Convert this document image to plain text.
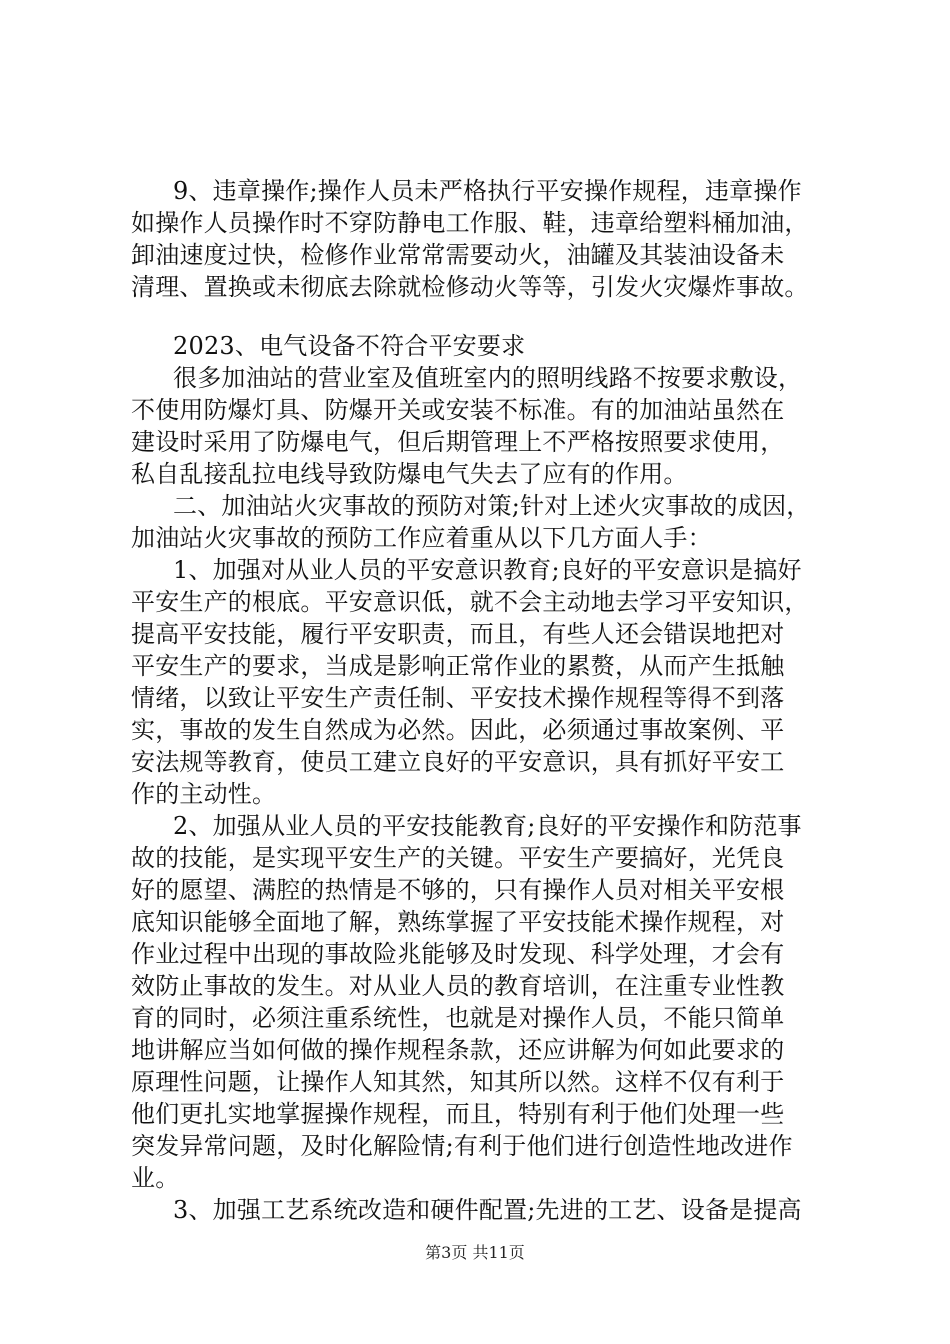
9、违章操作;操作人员未严格执行平安操作规程，违章操作
如操作人员操作时不穿防静电工作服、鞋，违章给塑料桶加油，
卸油速度过快，检修作业常常需要动火，油罐及其装油设备未
清理、置换或未彻底去除就检修动火等等，引发火灾爆炸事故。
2023、电气设备不符合平安要求
很多加油站的营业室及值班室内的照明线路不按要求敷设，
不使用防爆灯具、防爆开关或安装不标准。有的加油站虽然在
建设时采用了防爆电气，但后期管理上不严格按照要求使用，
私自乱接乱拉电线导致防爆电气失去了应有的作用。
二、加油站火灾事故的预防对策;针对上述火灾事故的成因，
加油站火灾事故的预防工作应着重从以下几方面人手：
1、加强对从业人员的平安意识教育;良好的平安意识是搞好
平安生产的根底。平安意识低，就不会主动地去学习平安知识，
提高平安技能，履行平安职责，而且，有些人还会错误地把对
平安生产的要求，当成是影响正常作业的累赘，从而产生抵触
情绪，以致让平安生产责任制、平安技术操作规程等得不到落
实，事故的发生自然成为必然。因此，必须通过事故案例、平
安法规等教育，使员工建立良好的平安意识，具有抓好平安工
作的主动性。
2、加强从业人员的平安技能教育;良好的平安操作和防范事
故的技能，是实现平安生产的关键。平安生产要搞好，光凭良
好的愿望、满腔的热情是不够的，只有操作人员对相关平安根
底知识能够全面地了解，熟练掌握了平安技能术操作规程，对
作业过程中出现的事故险兆能够及时发现、科学处理，才会有
效防止事故的发生。对从业人员的教育培训，在注重专业性教
育的同时，必须注重系统性，也就是对操作人员，不能只简单
地讲解应当如何做的操作规程条款，还应讲解为何如此要求的
原理性问题，让操作人知其然，知其所以然。这样不仅有利于
他们更扎实地掌握操作规程，而且，特别有利于他们处理一些
突发异常问题，及时化解险情;有利于他们进行创造性地改进作
业。
3、加强工艺系统改造和硬件配置;先进的工艺、设备是提高
第3页 共11页
